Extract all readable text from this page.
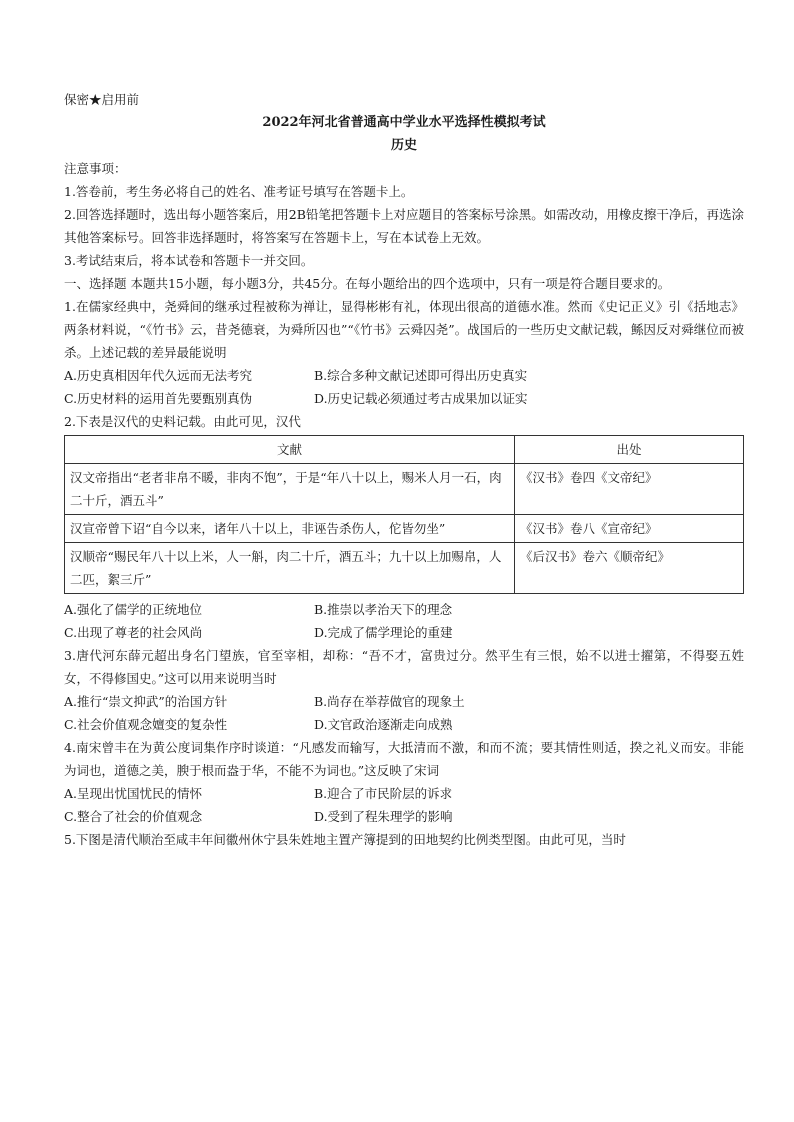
保密★启用前
2022年河北省普通高中学业水平选择性模拟考试
历史
注意事项：
1.答卷前，考生务必将自己的姓名、准考证号填写在答题卡上。
2.回答选择题时，选出每小题答案后，用2B铅笔把答题卡上对应题目的答案标号涂黑。如需改动，用橡皮擦干净后，再选涂其他答案标号。回答非选择题时，将答案写在答题卡上，写在本试卷上无效。
3.考试结束后，将本试卷和答题卡一并交回。
一、选择题 本题共15小题，每小题3分，共45分。在每小题给出的四个选项中，只有一项是符合题目要求的。
1.在儒家经典中，尧舜间的继承过程被称为禅让，显得彬彬有礼，体现出很高的道德水准。然而《史记正义》引《括地志》两条材料说，“《竹书》云，昔尧德衰，为舜所囚也”“《竹书》云舜囚尧”。战国后的一些历史文献记载，鲧因反对舜继位而被杀。上述记载的差异最能说明
A.历史真相因年代久远而无法考究	B.综合多种文献记述即可得出历史真实
C.历史材料的运用首先要甄别真伪	D.历史记载必须通过考古成果加以证实
2.下表是汉代的史料记载。由此可见，汉代
文献	出处
汉文帝指出“老者非帛不暖，非肉不饱”，于是“年八十以上，赐米人月一石，肉二十斤，酒五斗”	《汉书》卷四《文帝纪》
汉宣帝曾下诏“自今以来，诸年八十以上，非诬告杀伤人，佗皆勿坐”	《汉书》卷八《宣帝纪》
汉顺帝“赐民年八十以上米，人一斛，肉二十斤，酒五斗；九十以上加赐帛，人二匹，絮三斤”	《后汉书》卷六《顺帝纪》
A.强化了儒学的正统地位	B.推崇以孝治天下的理念
C.出现了尊老的社会风尚	D.完成了儒学理论的重建
3.唐代河东薛元超出身名门望族，官至宰相，却称：“吾不才，富贵过分。然平生有三恨，始不以进士擢第，不得娶五姓女，不得修国史。”这可以用来说明当时
A.推行“崇文抑武”的治国方针	B.尚存在举荐做官的现象土
C.社会价值观念嬗变的复杂性	D.文官政治逐渐走向成熟
4.南宋曾丰在为黄公度词集作序时谈道：“凡感发而输写，大抵清而不激，和而不流；要其情性则适，揆之礼义而安。非能为词也，道德之美，腴于根而盎于华，不能不为词也。”这反映了宋词
A.呈现出忧国忧民的情怀	B.迎合了市民阶层的诉求
C.整合了社会的价值观念	D.受到了程朱理学的影响
5.下图是清代顺治至咸丰年间徽州休宁县朱姓地主置产簿提到的田地契约比例类型图。由此可见，当时
